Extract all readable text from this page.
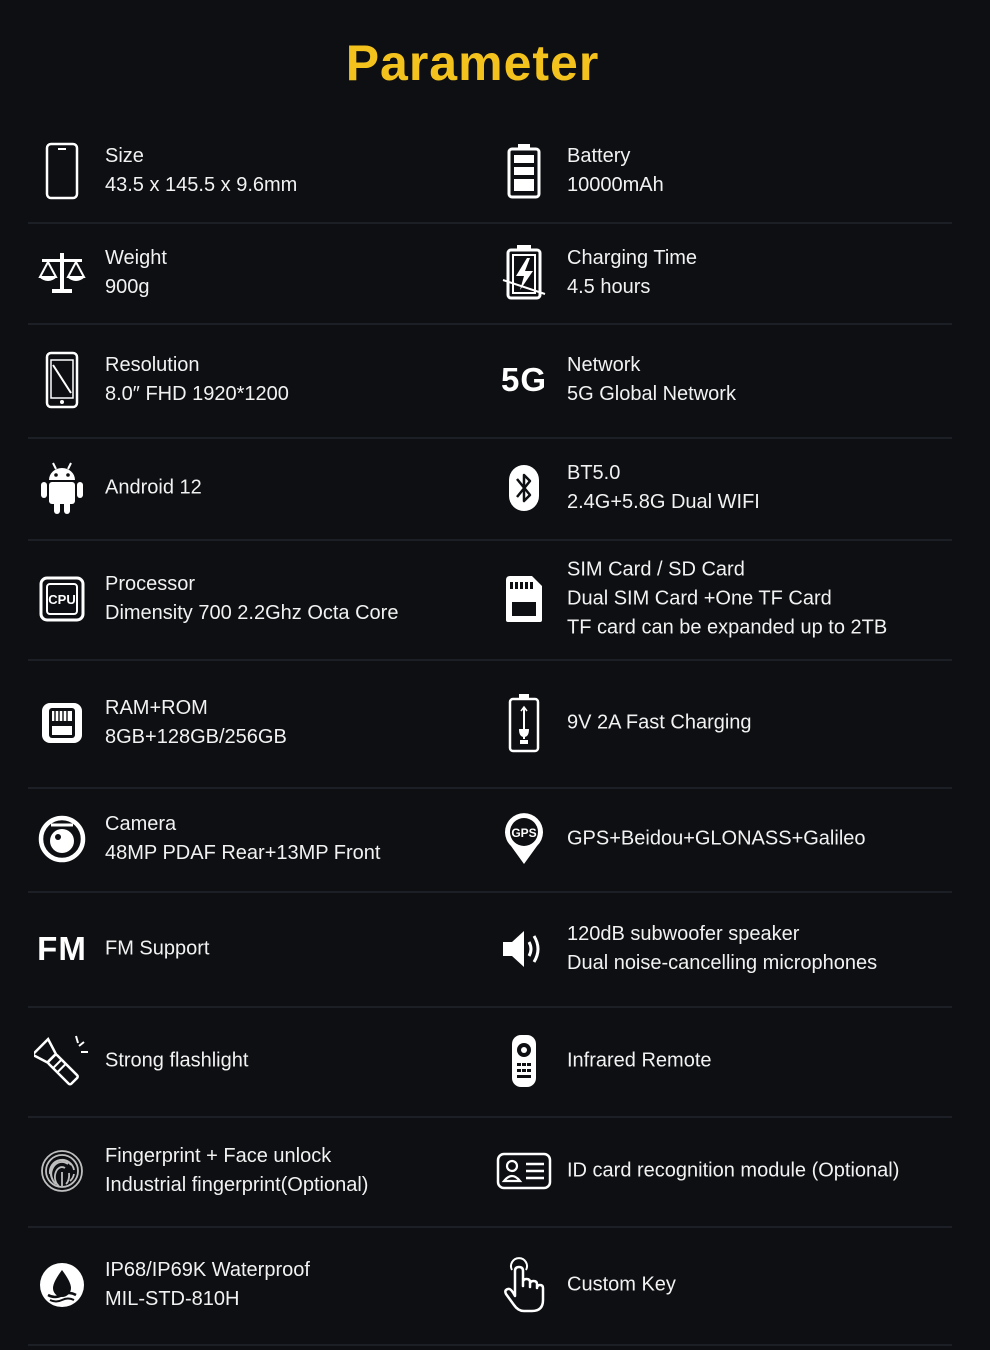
Parameter
Size
43.5 x 145.5 x 9.6mm
Battery
10000mAh
Weight
900g
Charging Time
4.5 hours
Resolution
8.0″ FHD 1920*1200	5G Network
5G Global Network
Android 12
BT5.0
2.4G+5.8G Dual WIFI
CPU
Processor
Dimensity 700 2.2Ghz Octa Core
SIM Card / SD Card
Dual SIM Card +One TF Card
TF card can be expanded up to 2TB
RAM+ROM
8GB+128GB/256GB
9V 2A Fast Charging
Camera
48MP PDAF Rear+13MP Front
GPS GPS+Beidou+GLONASS+Galileo
FM FM Support
120dB subwoofer speaker
Dual noise-cancelling microphones
Strong flashlight	Infrared Remote
Fingerprint + Face unlock
Industrial fingerprint(Optional)
ID card recognition module (Optional)
IP68/IP69K Waterproof
MIL-STD-810H
Custom Key
